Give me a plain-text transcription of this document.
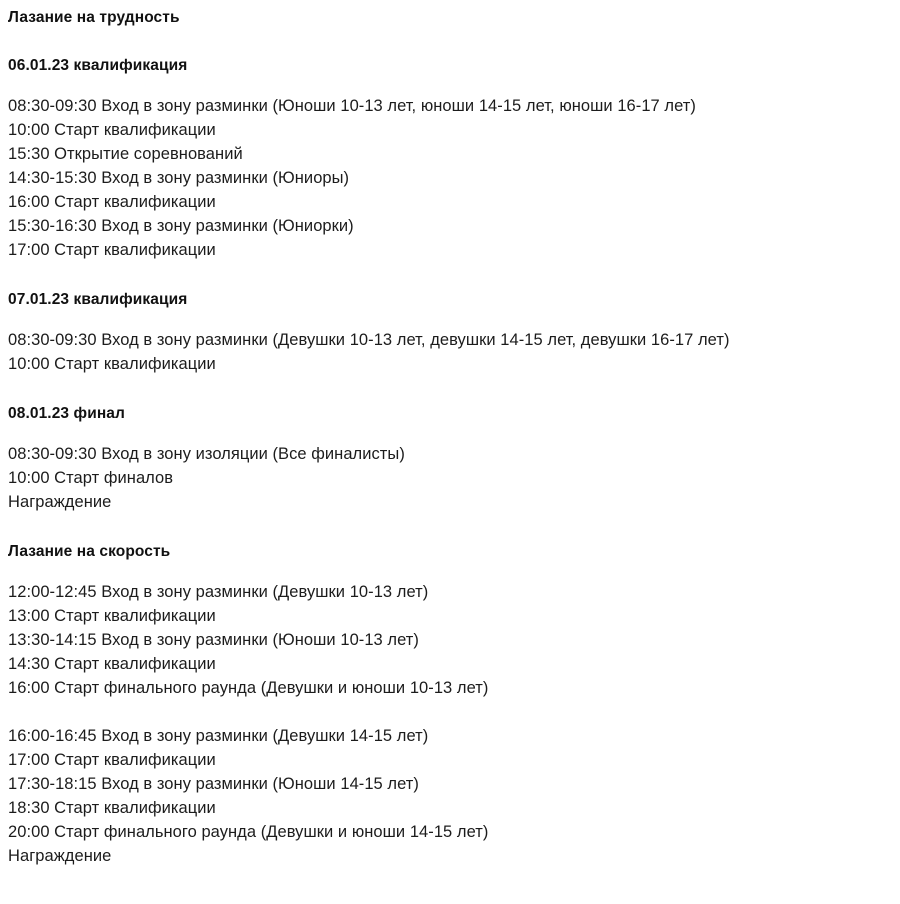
Лазание на трудность
06.01.23 квалификация
08:30-09:30 Вход в зону разминки (Юноши 10-13 лет, юноши 14-15 лет, юноши 16-17 лет)
10:00 Старт квалификации
15:30 Открытие соревнований
14:30-15:30 Вход в зону разминки (Юниоры)
16:00 Старт квалификации
15:30-16:30 Вход в зону разминки (Юниорки)
17:00 Старт квалификации
07.01.23 квалификация
08:30-09:30 Вход в зону разминки (Девушки 10-13 лет, девушки 14-15 лет, девушки 16-17 лет)
10:00 Старт квалификации
08.01.23 финал
08:30-09:30 Вход в зону изоляции (Все финалисты)
10:00 Старт финалов
Награждение
Лазание на скорость
12:00-12:45 Вход в зону разминки (Девушки 10-13 лет)
13:00 Старт квалификации
13:30-14:15 Вход в зону разминки (Юноши 10-13 лет)
14:30 Старт квалификации
16:00 Старт финального раунда (Девушки и юноши 10-13 лет)
16:00-16:45 Вход в зону разминки (Девушки 14-15 лет)
17:00 Старт квалификации
17:30-18:15 Вход в зону разминки (Юноши 14-15 лет)
18:30 Старт квалификации
20:00 Старт финального раунда (Девушки и юноши 14-15 лет)
Награждение
